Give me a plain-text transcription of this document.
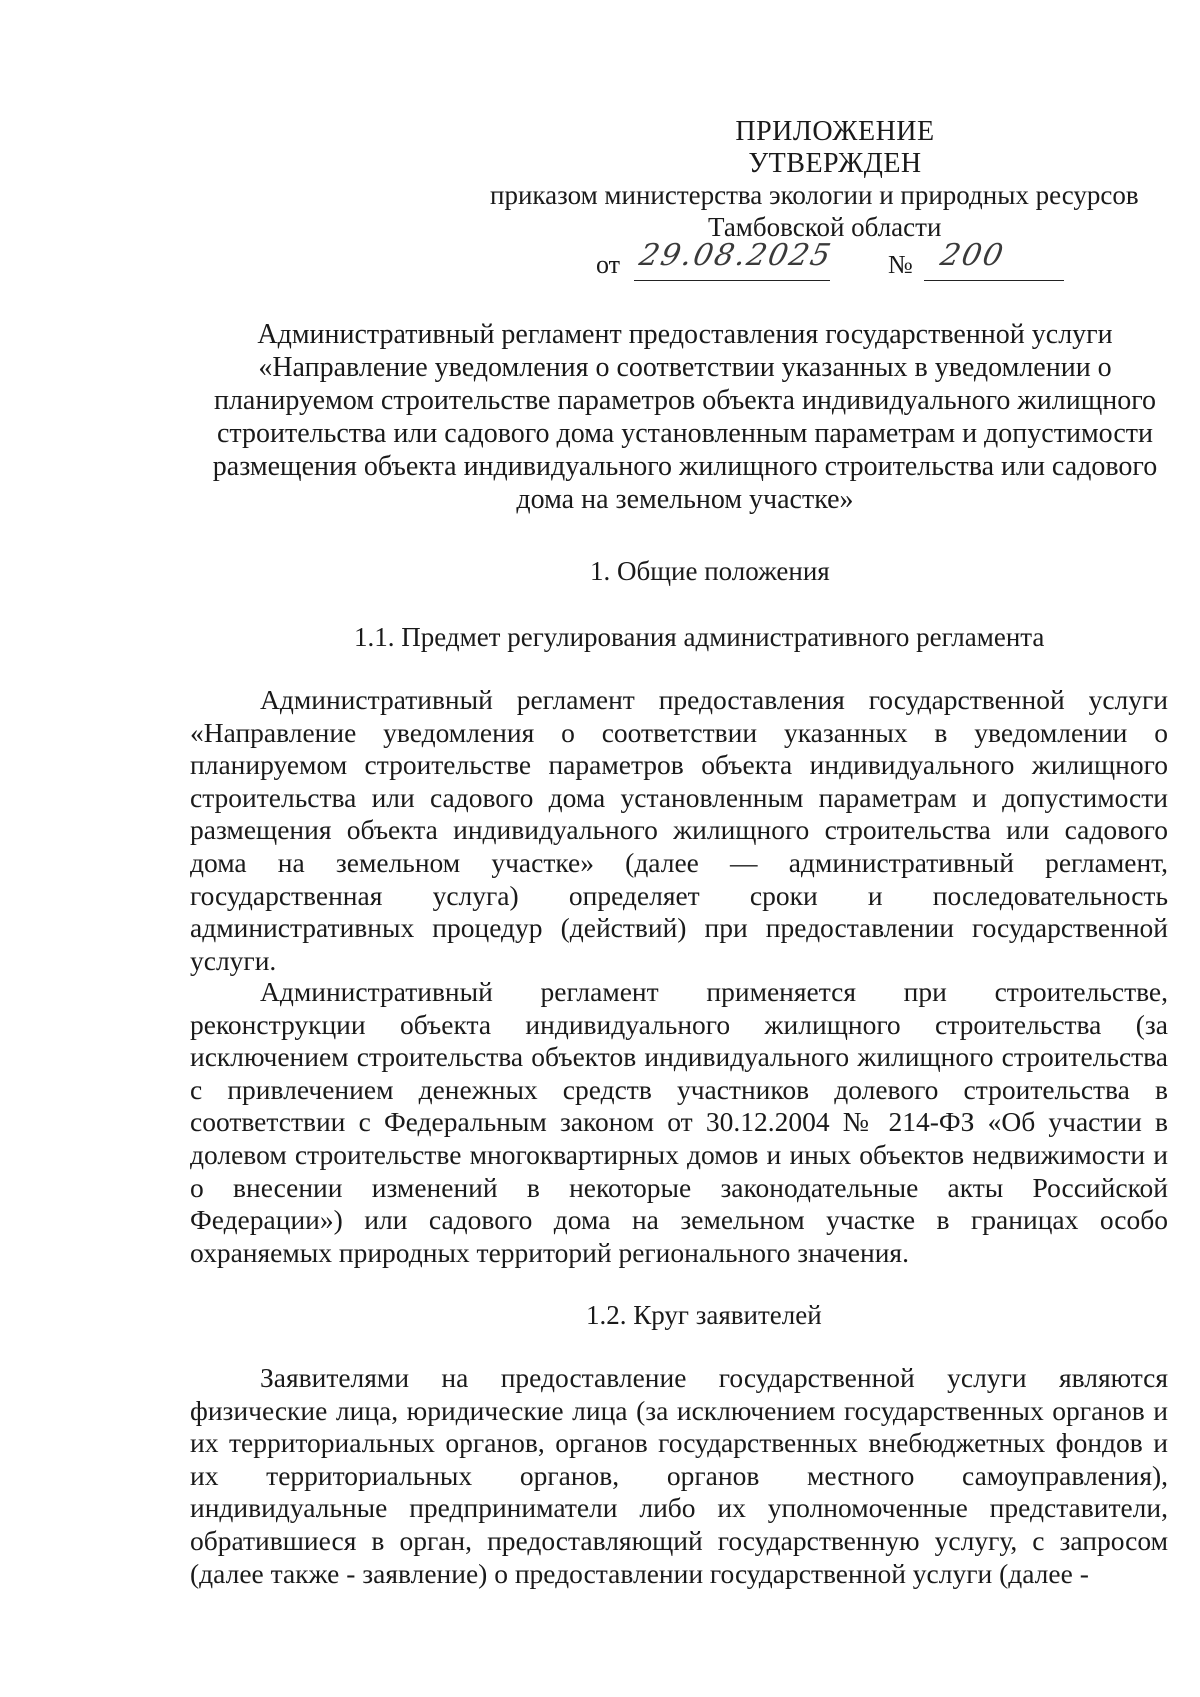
ПРИЛОЖЕНИЕ
УТВЕРЖДЕН
приказом министерства экологии и природных ресурсов
Тамбовской области
от 29.08.2025 № 200
Административный регламент предоставления государственной услуги «Направление уведомления о соответствии указанных в уведомлении о планируемом строительстве параметров объекта индивидуального жилищного строительства или садового дома установленным параметрам и допустимости размещения объекта индивидуального жилищного строительства или садового дома на земельном участке»
1. Общие положения
1.1. Предмет регулирования административного регламента
Административный регламент предоставления государственной услуги «Направление уведомления о соответствии указанных в уведомлении о планируемом строительстве параметров объекта индивидуального жилищного строительства или садового дома установленным параметрам и допустимости размещения объекта индивидуального жилищного строительства или садового дома на земельном участке» (далее — административный регламент, государственная услуга) определяет сроки и последовательность административных процедур (действий) при предоставлении государственной услуги.
Административный регламент применяется при строительстве, реконструкции объекта индивидуального жилищного строительства (за исключением строительства объектов индивидуального жилищного строительства с привлечением денежных средств участников долевого строительства в соответствии с Федеральным законом от 30.12.2004 № 214-ФЗ «Об участии в долевом строительстве многоквартирных домов и иных объектов недвижимости и о внесении изменений в некоторые законодательные акты Российской Федерации») или садового дома на земельном участке в границах особо охраняемых природных территорий регионального значения.
1.2. Круг заявителей
Заявителями на предоставление государственной услуги являются физические лица, юридические лица (за исключением государственных органов и их территориальных органов, органов государственных внебюджетных фондов и их территориальных органов, органов местного самоуправления), индивидуальные предприниматели либо их уполномоченные представители, обратившиеся в орган, предоставляющий государственную услугу, с запросом (далее также - заявление) о предоставлении государственной услуги (далее -
